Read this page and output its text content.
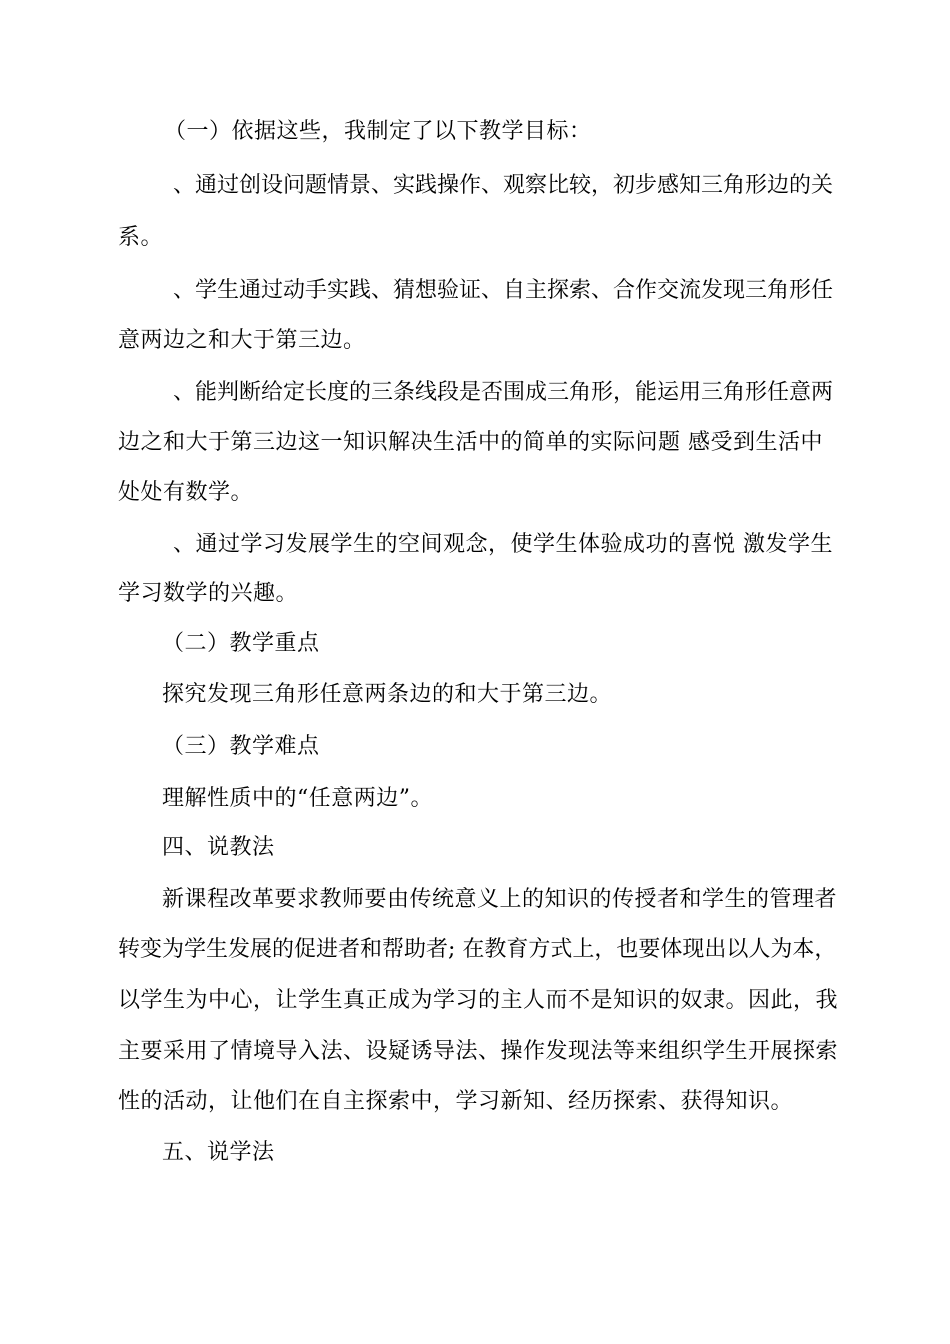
（一）依据这些，我制定了以下教学目标：
、通过创设问题情景、实践操作、观察比较，初步感知三角形边的关
系。
、学生通过动手实践、猜想验证、自主探索、合作交流发现三角形任
意两边之和大于第三边。
、能判断给定长度的三条线段是否围成三角形，能运用三角形任意两
边之和大于第三边这一知识解决生活中的简单的实际问题 感受到生活中
处处有数学。
、通过学习发展学生的空间观念，使学生体验成功的喜悦 激发学生
学习数学的兴趣。
（二）教学重点
探究发现三角形任意两条边的和大于第三边。
（三）教学难点
理解性质中的“任意两边”。
四、说教法
新课程改革要求教师要由传统意义上的知识的传授者和学生的管理者
转变为学生发展的促进者和帮助者; 在教育方式上，也要体现出以人为本，
以学生为中心，让学生真正成为学习的主人而不是知识的奴隶。因此，我
主要采用了情境导入法、设疑诱导法、操作发现法等来组织学生开展探索
性的活动，让他们在自主探索中，学习新知、经历探索、获得知识。
五、说学法
